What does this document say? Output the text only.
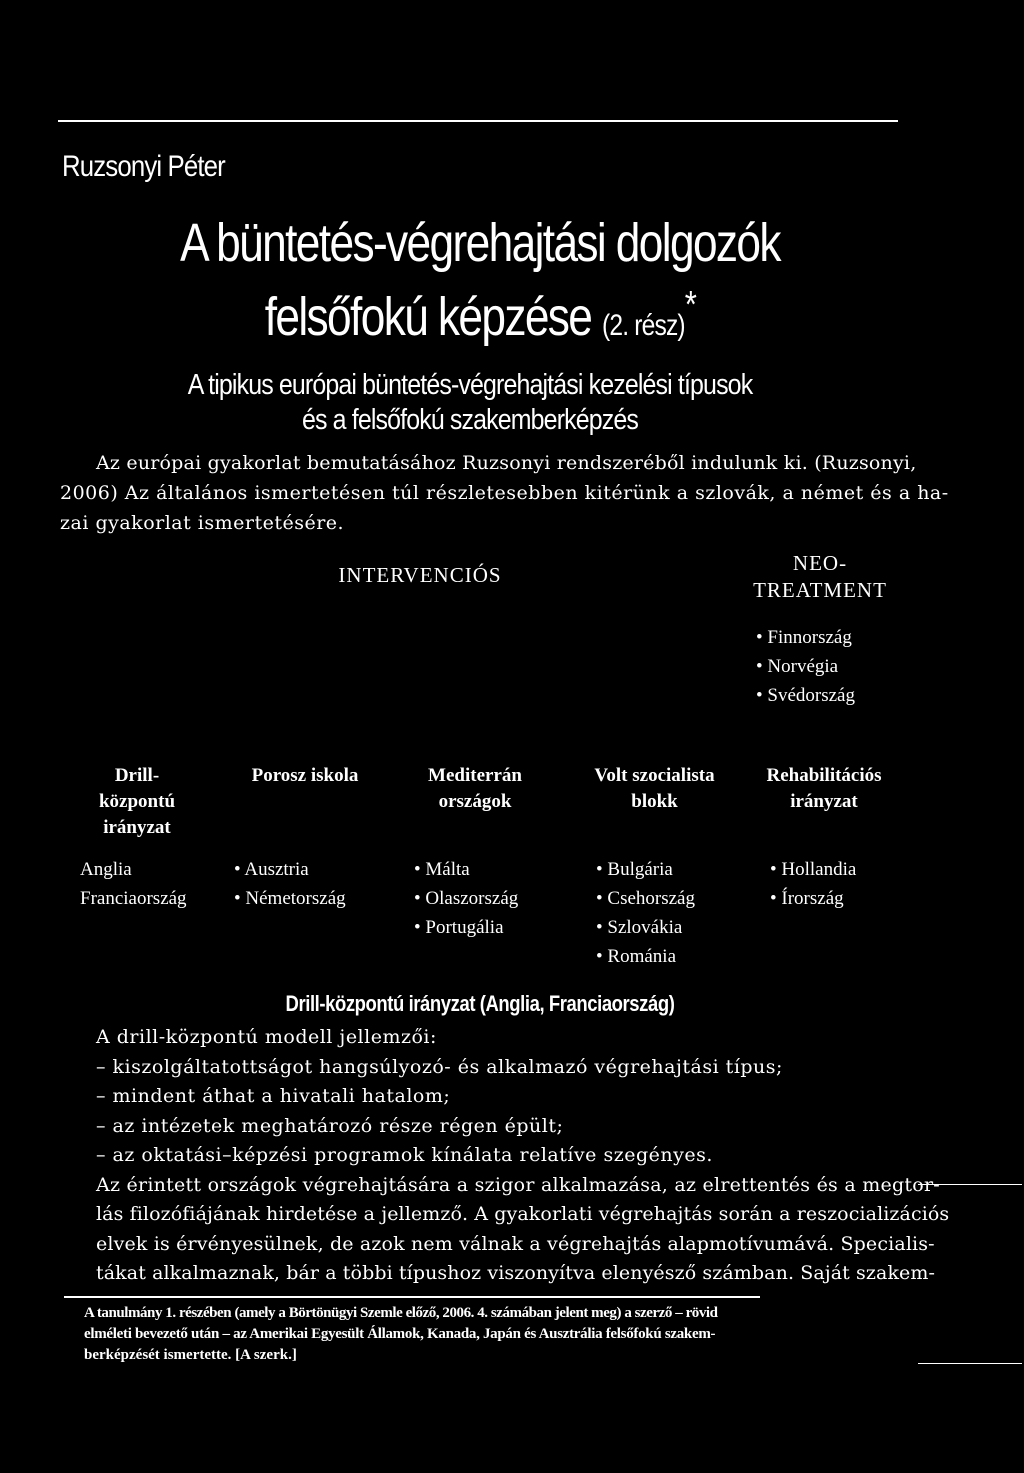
Ruzsonyi Péter
A büntetés-végrehajtási dolgozók
felsőfokú képzése (2. rész)*
A tipikus európai büntetés-végrehajtási kezelési típusok
és a felsőfokú szakemberképzés
Az európai gyakorlat bemutatásához Ruzsonyi rendszeréből indulunk ki. (Ruzsonyi,
2006) Az általános ismertetésen túl részletesebben kitérünk a szlovák, a német és a ha-
zai gyakorlat ismertetésére.
INTERVENCIÓS	NEO-
TREATMENT
• Finnország
• Norvégia
• Svédország
Drill-
központú
irányzat
Porosz iskola	Mediterrán
országok
Volt szocialista
blokk
Rehabilitációs
irányzat
Anglia
Franciaország
• Ausztria
• Németország
• Málta
• Olaszország
• Portugália
• Bulgária
• Csehország
• Szlovákia
• Románia
• Hollandia
• Írország
Drill-központú irányzat (Anglia, Franciaország)
A drill-központú modell jellemzői:
– kiszolgáltatottságot hangsúlyozó- és alkalmazó végrehajtási típus;
– mindent áthat a hivatali hatalom;
– az intézetek meghatározó része régen épült;
– az oktatási–képzési programok kínálata relatíve szegényes.
Az érintett országok végrehajtására a szigor alkalmazása, az elrettentés és a megtor-
lás filozófiájának hirdetése a jellemző. A gyakorlati végrehajtás során a reszocializációs
elvek is érvényesülnek, de azok nem válnak a végrehajtás alapmotívumává. Specialis-
tákat alkalmaznak, bár a többi típushoz viszonyítva elenyésző számban. Saját szakem-
A tanulmány 1. részében (amely a Börtönügyi Szemle előző, 2006. 4. számában jelent meg) a szerző – rövid
elméleti bevezető után – az Amerikai Egyesült Államok, Kanada, Japán és Ausztrália felsőfokú szakem-
berképzését ismertette. [A szerk.]
